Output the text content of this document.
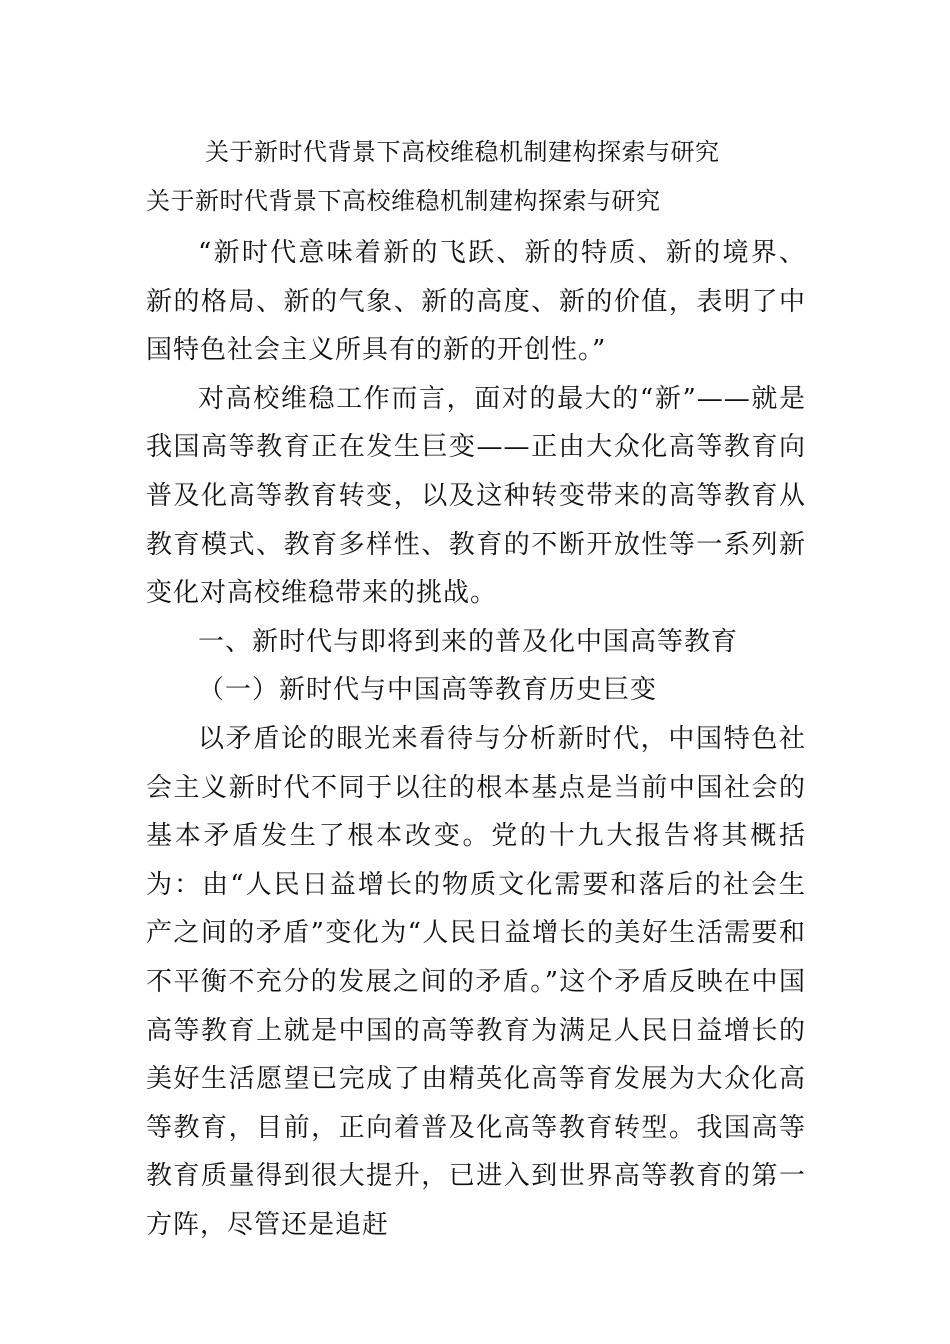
关于新时代背景下高校维稳机制建构探索与研究
关于新时代背景下高校维稳机制建构探索与研究

“新时代意味着新的飞跃、新的特质、新的境界、新的格局、新的气象、新的高度、新的价值，表明了中国特色社会主义所具有的新的开创性。”

对高校维稳工作而言，面对的最大的“新”——就是我国高等教育正在发生巨变——正由大众化高等教育向普及化高等教育转变，以及这种转变带来的高等教育从教育模式、教育多样性、教育的不断开放性等一系列新变化对高校维稳带来的挑战。

一、新时代与即将到来的普及化中国高等教育

（一）新时代与中国高等教育历史巨变

以矛盾论的眼光来看待与分析新时代，中国特色社会主义新时代不同于以往的根本基点是当前中国社会的基本矛盾发生了根本改变。党的十九大报告将其概括为：由“人民日益增长的物质文化需要和落后的社会生产之间的矛盾”变化为“人民日益增长的美好生活需要和不平衡不充分的发展之间的矛盾。”这个矛盾反映在中国高等教育上就是中国的高等教育为满足人民日益增长的美好生活愿望已完成了由精英化高等育发展为大众化高等教育，目前，正向着普及化高等教育转型。我国高等教育质量得到很大提升，已进入到世界高等教育的第一方阵，尽管还是追赶
